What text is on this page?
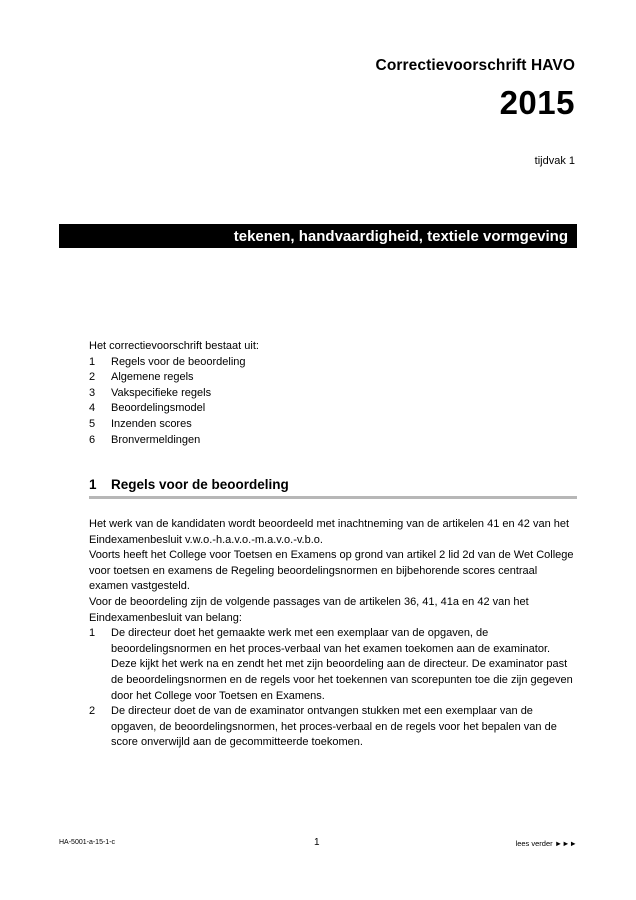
Correctievoorschrift HAVO
2015
tijdvak 1
tekenen, handvaardigheid, textiele vormgeving
Het correctievoorschrift bestaat uit:
1	Regels voor de beoordeling
2	Algemene regels
3	Vakspecifieke regels
4	Beoordelingsmodel
5	Inzenden scores
6	Bronvermeldingen
1	Regels voor de beoordeling

Het werk van de kandidaten wordt beoordeeld met inachtneming van de artikelen 41 en 42 van het Eindexamenbesluit v.w.o.-h.a.v.o.-m.a.v.o.-v.b.o.

Voorts heeft het College voor Toetsen en Examens op grond van artikel 2 lid 2d van de Wet College voor toetsen en examens de Regeling beoordelingsnormen en bijbehorende scores centraal examen vastgesteld.

Voor de beoordeling zijn de volgende passages van de artikelen 36, 41, 41a en 42 van het Eindexamenbesluit van belang:

1	De directeur doet het gemaakte werk met een exemplaar van de opgaven, de beoordelingsnormen en het proces-verbaal van het examen toekomen aan de examinator. Deze kijkt het werk na en zendt het met zijn beoordeling aan de directeur. De examinator past de beoordelingsnormen en de regels voor het toekennen van scorepunten toe die zijn gegeven door het College voor Toetsen en Examens.
2	De directeur doet de van de examinator ontvangen stukken met een exemplaar van de opgaven, de beoordelingsnormen, het proces-verbaal en de regels voor het bepalen van de score onverwijld aan de gecommitteerde toekomen.
HA-5001-a-15-1-c	1	lees verder ►►►
